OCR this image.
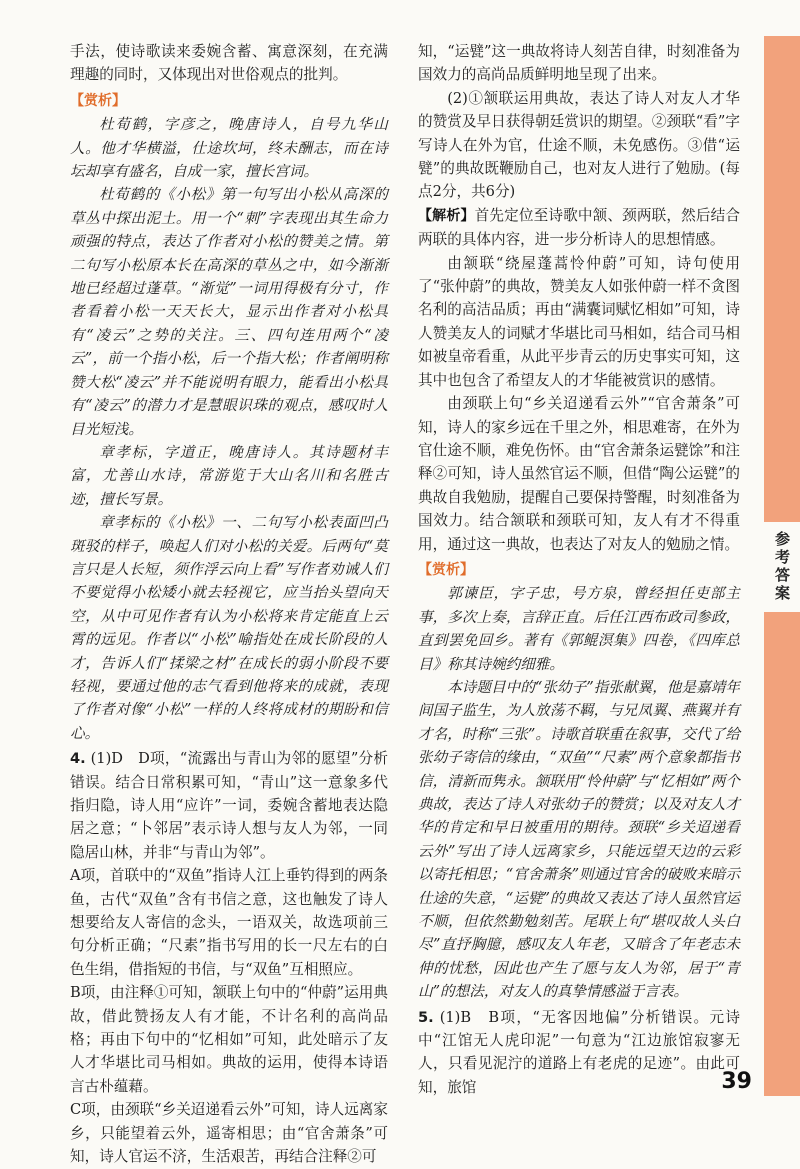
手法，使诗歌读来委婉含蓄、寓意深刻，在充满理趣的同时，又体现出对世俗观点的批判。

【赏析】

杜荀鹤，字彦之，晚唐诗人，自号九华山人。他才华横溢，仕途坎坷，终未酬志，而在诗坛却享有盛名，自成一家，擅长宫词。

杜荀鹤的《小松》第一句写出小松从高深的草丛中探出泥土。用一个“刺”字表现出其生命力顽强的特点，表达了作者对小松的赞美之情。第二句写小松原本长在高深的草丛之中，如今渐渐地已经超过蓬草。“渐觉”一词用得极有分寸，作者看着小松一天天长大，显示出作者对小松具有“凌云”之势的关注。三、四句连用两个“凌云”，前一个指小松，后一个指大松；作者阐明称赞大松“凌云”并不能说明有眼力，能看出小松具有“凌云”的潜力才是慧眼识珠的观点，感叹时人目光短浅。

章孝标，字道正，晚唐诗人。其诗题材丰富，尤善山水诗，常游览于大山名川和名胜古迹，擅长写景。

章孝标的《小松》一、二句写小松表面凹凸斑驳的样子，唤起人们对小松的关爱。后两句“莫言只是人长短，须作浮云向上看”写作者劝诫人们不要觉得小松矮小就去轻视它，应当抬头望向天空，从中可见作者有认为小松将来肯定能直上云霄的远见。作者以“小松”喻指处在成长阶段的人才，告诉人们“揉梁之材”在成长的弱小阶段不要轻视，要通过他的志气看到他将来的成就，表现了作者对像“小松”一样的人终将成材的期盼和信心。

4. (1)D　D项，“流露出与青山为邻的愿望”分析错误。结合日常积累可知，“青山”这一意象多代指归隐，诗人用“应许”一词，委婉含蓄地表达隐居之意；“卜邻居”表示诗人想与友人为邻，一同隐居山林，并非“与青山为邻”。

A项，首联中的“双鱼”指诗人江上垂钓得到的两条鱼，古代“双鱼”含有书信之意，这也触发了诗人想要给友人寄信的念头，一语双关，故选项前三句分析正确；“尺素”指书写用的长一尺左右的白色生绢，借指短的书信，与“双鱼”互相照应。

B项，由注释①可知，颔联上句中的“仲蔚”运用典故，借此赞扬友人有才能，不计名利的高尚品格；再由下句中的“忆相如”可知，此处暗示了友人才华堪比司马相如。典故的运用，使得本诗语言古朴蕴藉。

C项，由颈联“乡关迢递看云外”可知，诗人远离家乡，只能望着云外，遥寄相思；由“官舍萧条”可知，诗人官运不济，生活艰苦，再结合注释②可

知，“运甓”这一典故将诗人刻苦自律，时刻准备为国效力的高尚品质鲜明地呈现了出来。

(2)①颔联运用典故，表达了诗人对友人才华的赞赏及早日获得朝廷赏识的期望。②颈联“看”字写诗人在外为官，仕途不顺，未免感伤。③借“运甓”的典故既鞭励自己，也对友人进行了勉励。(每点2分，共6分)

【解析】首先定位至诗歌中颔、颈两联，然后结合两联的具体内容，进一步分析诗人的思想情感。

由颔联“绕屋蓬蒿怜仲蔚”可知，诗句使用了“张仲蔚”的典故，赞美友人如张仲蔚一样不贪图名利的高洁品质；再由“满囊词赋忆相如”可知，诗人赞美友人的词赋才华堪比司马相如，结合司马相如被皇帝看重，从此平步青云的历史事实可知，这其中也包含了希望友人的才华能被赏识的感情。

由颈联上句“乡关迢递看云外”“官舍萧条”可知，诗人的家乡远在千里之外，相思难寄，在外为官仕途不顺，难免伤怀。由“官舍萧条运甓馀”和注释②可知，诗人虽然官运不顺，但借“陶公运甓”的典故自我勉励，提醒自己要保持警醒，时刻准备为国效力。结合颔联和颈联可知，友人有才不得重用，通过这一典故，也表达了对友人的勉励之情。

【赏析】

郭谏臣，字子忠，号方泉，曾经担任吏部主事，多次上奏，言辞正直。后任江西布政司参政，直到罢免回乡。著有《郭鲲溟集》四卷，《四库总目》称其诗婉约细雅。

本诗题目中的“张幼子”指张献翼，他是嘉靖年间国子监生，为人放荡不羁，与兄凤翼、燕翼并有才名，时称“三张”。诗歌首联重在叙事，交代了给张幼子寄信的缘由，“双鱼”“尺素”两个意象都指书信，清新而隽永。颔联用“怜仲蔚”与“忆相如”两个典故，表达了诗人对张幼子的赞赏；以及对友人才华的肯定和早日被重用的期待。颈联“乡关迢递看云外”写出了诗人远离家乡，只能远望天边的云彩以寄托相思；“官舍萧条”则通过官舍的破败来暗示仕途的失意，“运甓”的典故又表达了诗人虽然官运不顺，但依然勤勉刻苦。尾联上句“堪叹故人头白尽”直抒胸臆，感叹友人年老，又暗含了年老志未伸的忧愁，因此也产生了愿与友人为邻，居于“青山”的想法，对友人的真挚情感溢于言表。

5. (1)B　B项，“无客因地偏”分析错误。元诗中“江馆无人虎印泥”一句意为“江边旅馆寂寥无人，只看见泥泞的道路上有老虎的足迹”。由此可知，旅馆

参考答案
39
